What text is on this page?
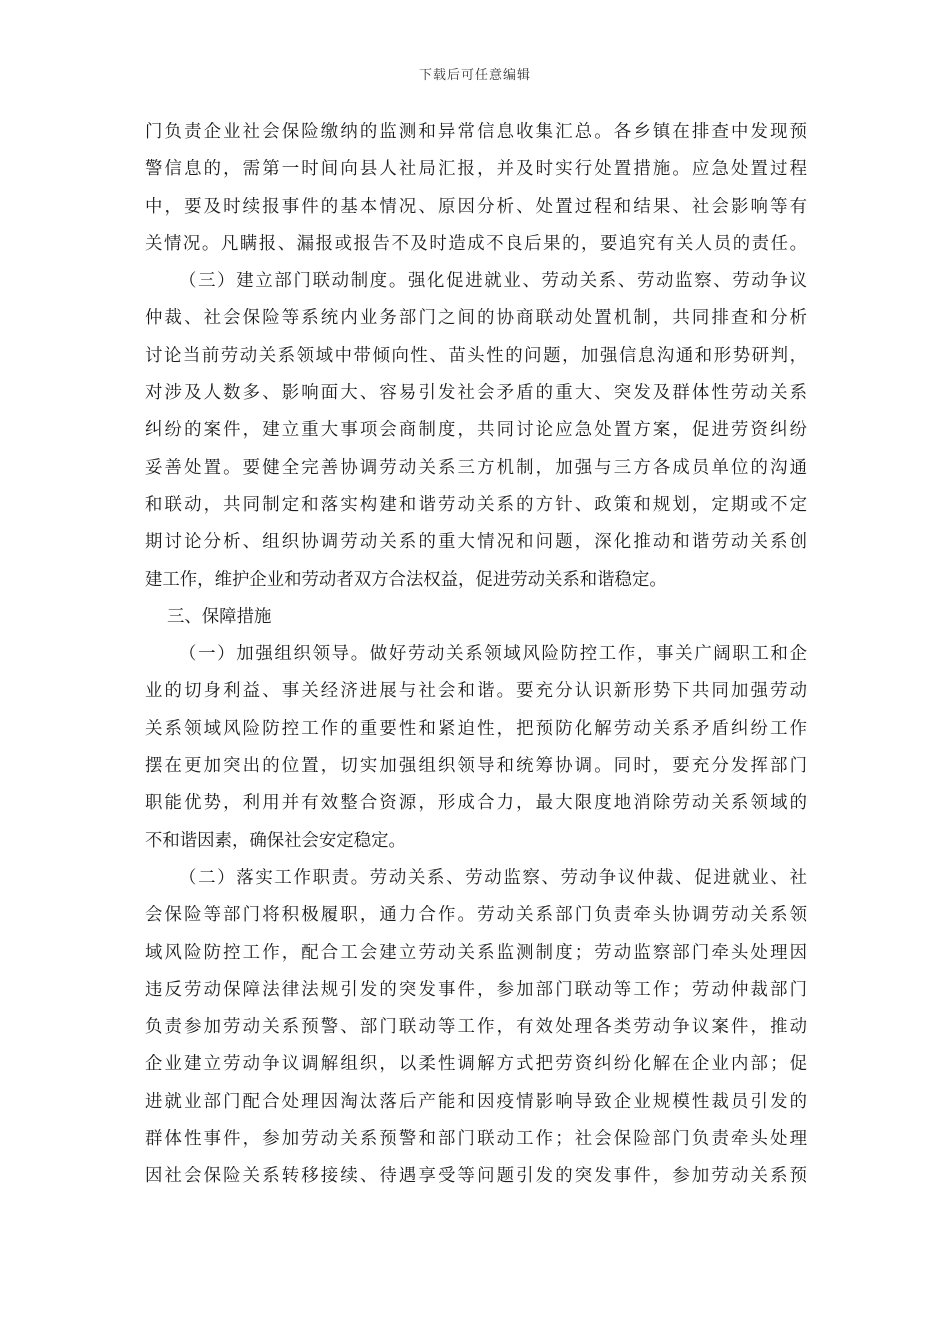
下载后可任意编辑
门负责企业社会保险缴纳的监测和异常信息收集汇总。各乡镇在排查中发现预
警信息的，需第一时间向县人社局汇报，并及时实行处置措施。应急处置过程
中，要及时续报事件的基本情况、原因分析、处置过程和结果、社会影响等有
关情况。凡瞒报、漏报或报告不及时造成不良后果的，要追究有关人员的责任。
（三）建立部门联动制度。强化促进就业、劳动关系、劳动监察、劳动争议
仲裁、社会保险等系统内业务部门之间的协商联动处置机制，共同排查和分析
讨论当前劳动关系领域中带倾向性、苗头性的问题，加强信息沟通和形势研判，
对涉及人数多、影响面大、容易引发社会矛盾的重大、突发及群体性劳动关系
纠纷的案件，建立重大事项会商制度，共同讨论应急处置方案，促进劳资纠纷
妥善处置。要健全完善协调劳动关系三方机制，加强与三方各成员单位的沟通
和联动，共同制定和落实构建和谐劳动关系的方针、政策和规划，定期或不定
期讨论分析、组织协调劳动关系的重大情况和问题，深化推动和谐劳动关系创
建工作，维护企业和劳动者双方合法权益，促进劳动关系和谐稳定。
三、保障措施
（一）加强组织领导。做好劳动关系领域风险防控工作，事关广阔职工和企
业的切身利益、事关经济进展与社会和谐。要充分认识新形势下共同加强劳动
关系领域风险防控工作的重要性和紧迫性，把预防化解劳动关系矛盾纠纷工作
摆在更加突出的位置，切实加强组织领导和统筹协调。同时，要充分发挥部门
职能优势，利用并有效整合资源，形成合力，最大限度地消除劳动关系领域的
不和谐因素，确保社会安定稳定。
（二）落实工作职责。劳动关系、劳动监察、劳动争议仲裁、促进就业、社
会保险等部门将积极履职，通力合作。劳动关系部门负责牵头协调劳动关系领
域风险防控工作，配合工会建立劳动关系监测制度；劳动监察部门牵头处理因
违反劳动保障法律法规引发的突发事件，参加部门联动等工作；劳动仲裁部门
负责参加劳动关系预警、部门联动等工作，有效处理各类劳动争议案件，推动
企业建立劳动争议调解组织，以柔性调解方式把劳资纠纷化解在企业内部；促
进就业部门配合处理因淘汰落后产能和因疫情影响导致企业规模性裁员引发的
群体性事件，参加劳动关系预警和部门联动工作；社会保险部门负责牵头处理
因社会保险关系转移接续、待遇享受等问题引发的突发事件，参加劳动关系预
